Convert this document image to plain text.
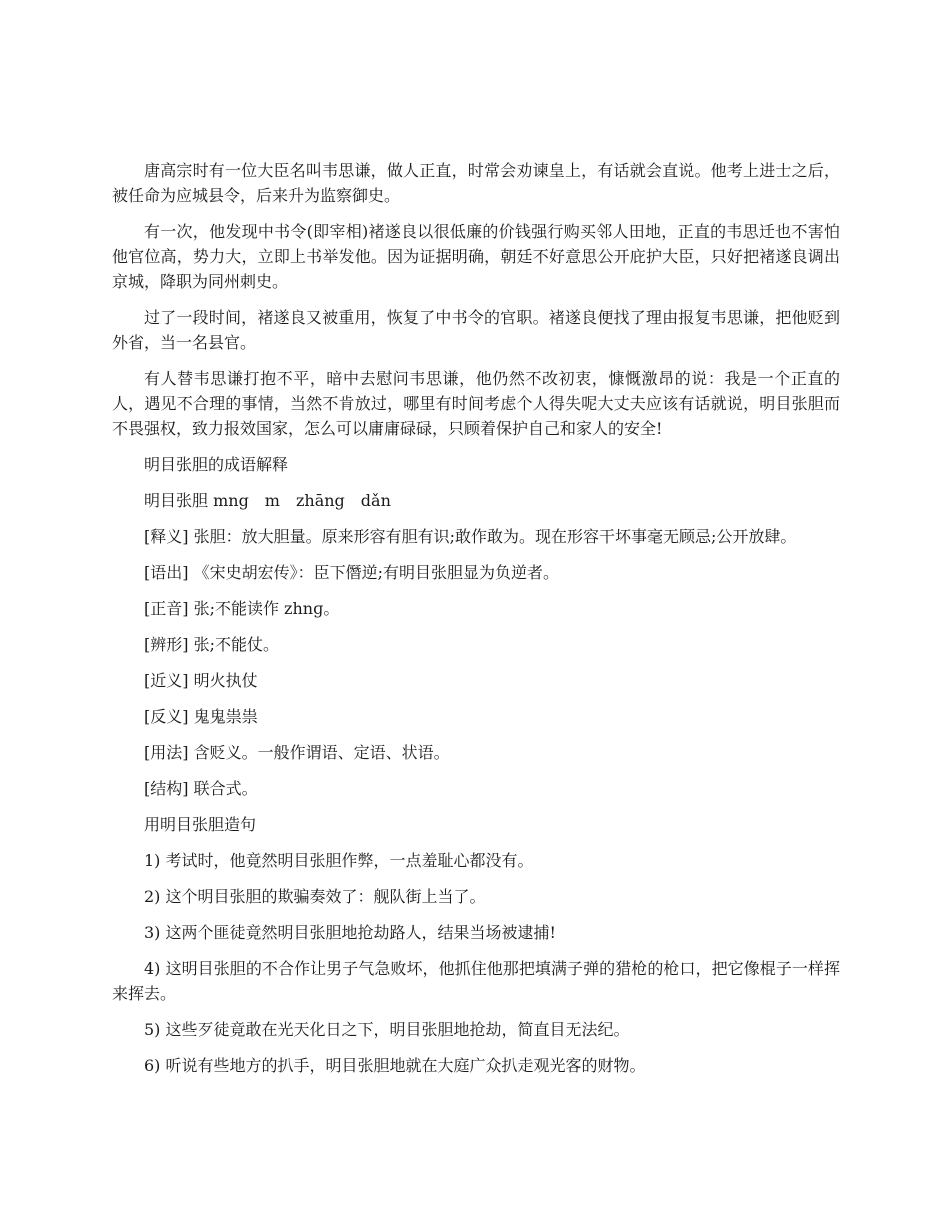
唐高宗时有一位大臣名叫韦思谦，做人正直，时常会劝谏皇上，有话就会直说。他考上进士之后，被任命为应城县令，后来升为监察御史。

有一次，他发现中书令(即宰相)褚遂良以很低廉的价钱强行购买邻人田地，正直的韦思迁也不害怕他官位高，势力大，立即上书举发他。因为证据明确，朝廷不好意思公开庇护大臣，只好把褚遂良调出京城，降职为同州刺史。

过了一段时间，褚遂良又被重用，恢复了中书令的官职。褚遂良便找了理由报复韦思谦，把他贬到外省，当一名县官。

有人替韦思谦打抱不平，暗中去慰问韦思谦，他仍然不改初衷，慷慨激昂的说：我是一个正直的人，遇见不合理的事情，当然不肯放过，哪里有时间考虑个人得失呢大丈夫应该有话就说，明目张胆而不畏强权，致力报效国家，怎么可以庸庸碌碌，只顾着保护自己和家人的安全!

明目张胆的成语解释

明目张胆 mng　m　zhāng　dǎn

[释义] 张胆：放大胆量。原来形容有胆有识;敢作敢为。现在形容干坏事毫无顾忌;公开放肆。

[语出] 《宋史胡宏传》：臣下僭逆;有明目张胆显为负逆者。

[正音] 张;不能读作 zhnɡ。

[辨形] 张;不能仗。

[近义] 明火执仗

[反义] 鬼鬼祟祟

[用法] 含贬义。一般作谓语、定语、状语。

[结构] 联合式。

用明目张胆造句

1) 考试时，他竟然明目张胆作弊，一点羞耻心都没有。

2) 这个明目张胆的欺骗奏效了：舰队街上当了。

3) 这两个匪徒竟然明目张胆地抢劫路人，结果当场被逮捕!

4) 这明目张胆的不合作让男子气急败坏，他抓住他那把填满子弹的猎枪的枪口，把它像棍子一样挥来挥去。

5) 这些歹徒竟敢在光天化日之下，明目张胆地抢劫，简直目无法纪。

6) 听说有些地方的扒手，明目张胆地就在大庭广众扒走观光客的财物。
